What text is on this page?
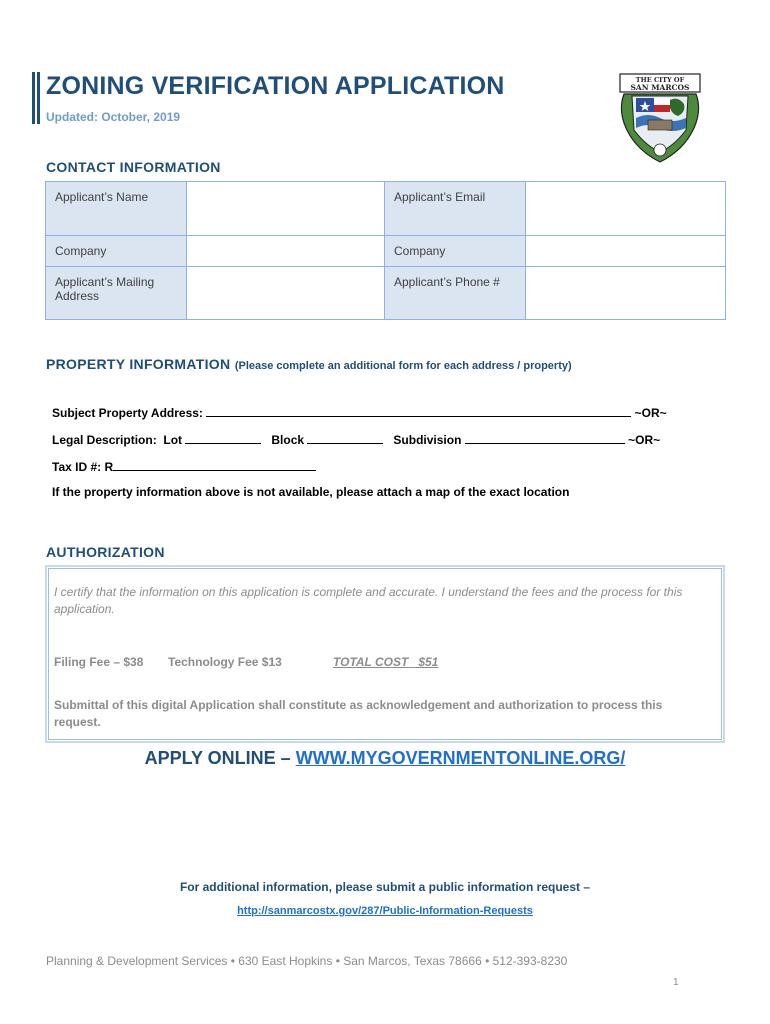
ZONING VERIFICATION APPLICATION
Updated: October, 2019
THE CITY OF
SAN MARCOS
CONTACT INFORMATION
Applicant’s Name		Applicant’s Email	
Company		Company	
Applicant’s Mailing Address		Applicant’s Phone #	
PROPERTY INFORMATION (Please complete an additional form for each address / property)
Subject Property Address:	~OR~
Legal Description: Lot	Block	Subdivision	~OR~
Tax ID #: R
If the property information above is not available, please attach a map of the exact location
AUTHORIZATION
I certify that the information on this application is complete and accurate. I understand the fees and the process for this application.
Filing Fee – $38 Technology Fee $13	TOTAL COST   $51
Submittal of this digital Application shall constitute as acknowledgement and authorization to process this request.
APPLY ONLINE – WWW.MYGOVERNMENTONLINE.ORG/
For additional information, please submit a public information request –
http://sanmarcostx.gov/287/Public-Information-Requests
Planning & Development Services • 630 East Hopkins • San Marcos, Texas 78666 • 512-393-8230
1
